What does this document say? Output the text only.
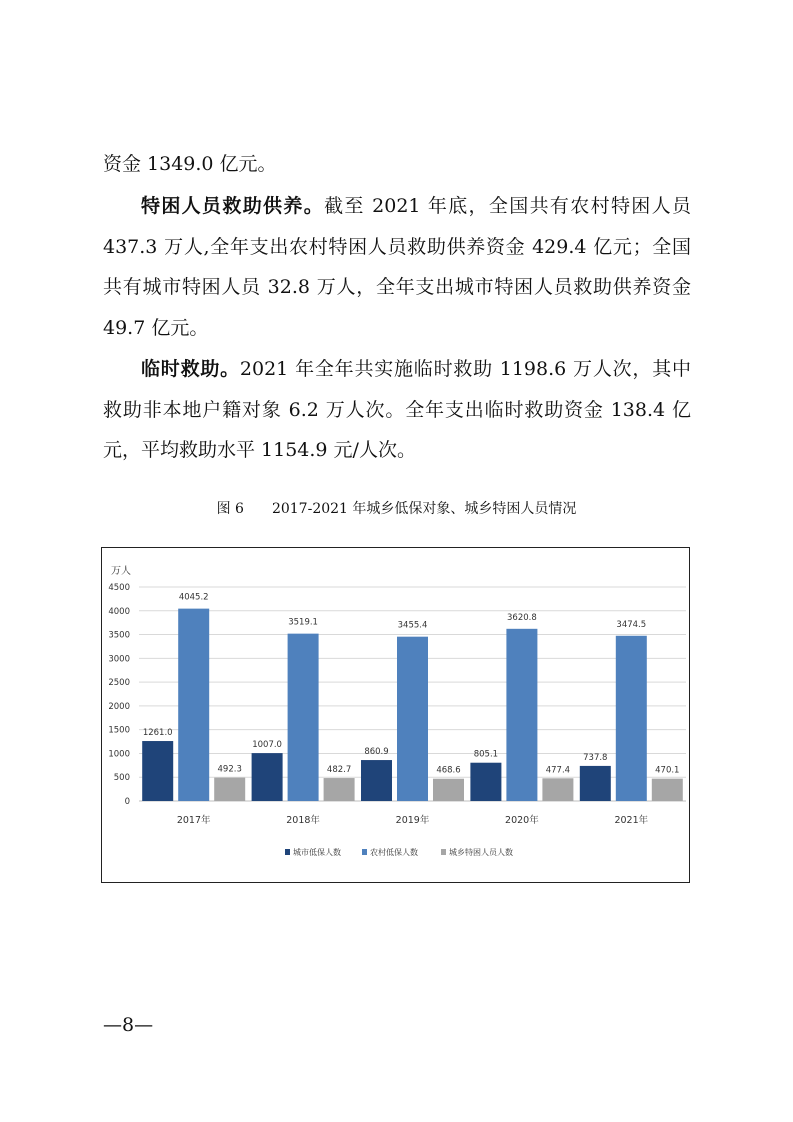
资金 1349.0 亿元。

特困人员救助供养。截至 2021 年底，全国共有农村特困人员 437.3 万人,全年支出农村特困人员救助供养资金 429.4 亿元；全国共有城市特困人员 32.8 万人，全年支出城市特困人员救助供养资金 49.7 亿元。

临时救助。2021 年全年共实施临时救助 1198.6 万人次，其中救助非本地户籍对象 6.2 万人次。全年支出临时救助资金 138.4 亿元，平均救助水平 1154.9 元/人次。

图 6 2017-2021 年城乡低保对象、城乡特困人员情况
万人
0
500
1000
1500
2000
2500
3000
3500
4000
4500
1261.0
4045.2
492.3
2017年
1007.0
3519.1
482.7
2018年
860.9
3455.4
468.6
2019年
805.1
3620.8
477.4
2020年
737.8
3474.5
470.1
2021年
城市低保人数	农村低保人数	城乡特困人员人数
—8—
